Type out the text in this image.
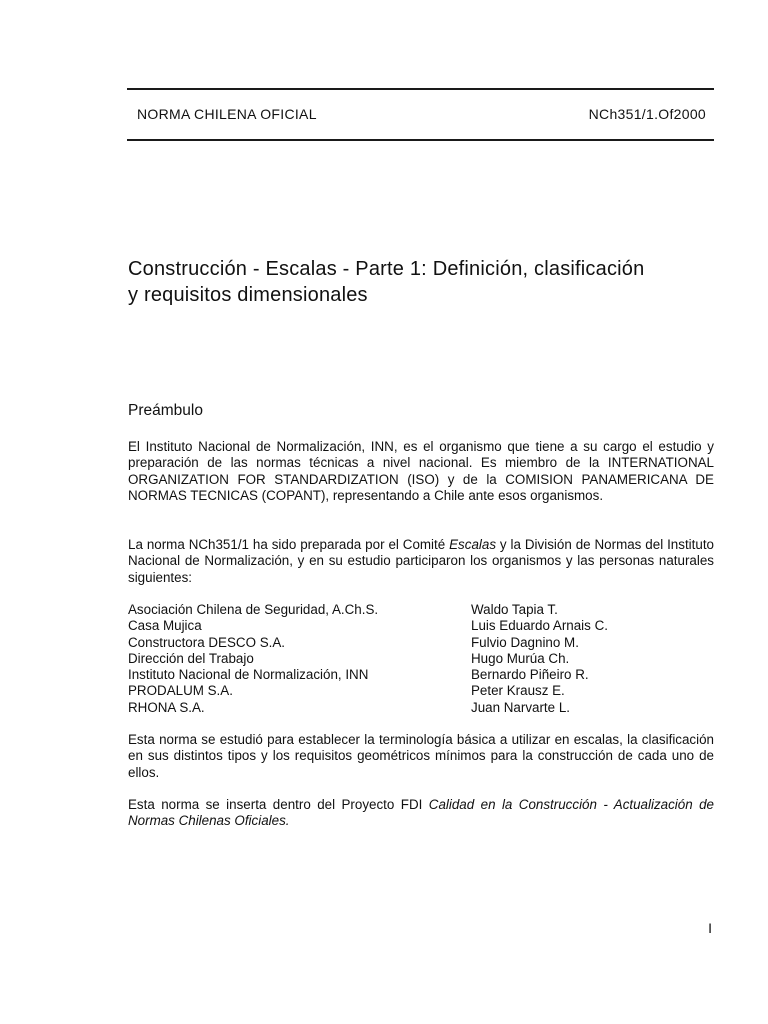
NORMA CHILENA OFICIAL	NCh351/1.Of2000
Construcción - Escalas - Parte 1: Definición, clasificación
y requisitos dimensionales
Preámbulo
El Instituto Nacional de Normalización, INN, es el organismo que tiene a su cargo el estudio y preparación de las normas técnicas a nivel nacional. Es miembro de la INTERNATIONAL ORGANIZATION FOR STANDARDIZATION (ISO) y de la COMISION PANAMERICANA DE NORMAS TECNICAS (COPANT), representando a Chile ante esos organismos.
La norma NCh351/1 ha sido preparada por el Comité Escalas y la División de Normas del Instituto Nacional de Normalización, y en su estudio participaron los organismos y las personas naturales siguientes:
Asociación Chilena de Seguridad, A.Ch.S.
Casa Mujica
Constructora DESCO S.A.
Dirección del Trabajo
Instituto Nacional de Normalización, INN
PRODALUM S.A.
RHONA S.A.
Waldo Tapia T.
Luis Eduardo Arnais C.
Fulvio Dagnino M.
Hugo Murúa Ch.
Bernardo Piñeiro R.
Peter Krausz E.
Juan Narvarte L.
Esta norma se estudió para establecer la terminología básica a utilizar en escalas, la clasificación en sus distintos tipos y los requisitos geométricos mínimos para la construcción de cada uno de ellos.
Esta norma se inserta dentro del Proyecto FDI Calidad en la Construcción - Actualización de Normas Chilenas Oficiales.
I
